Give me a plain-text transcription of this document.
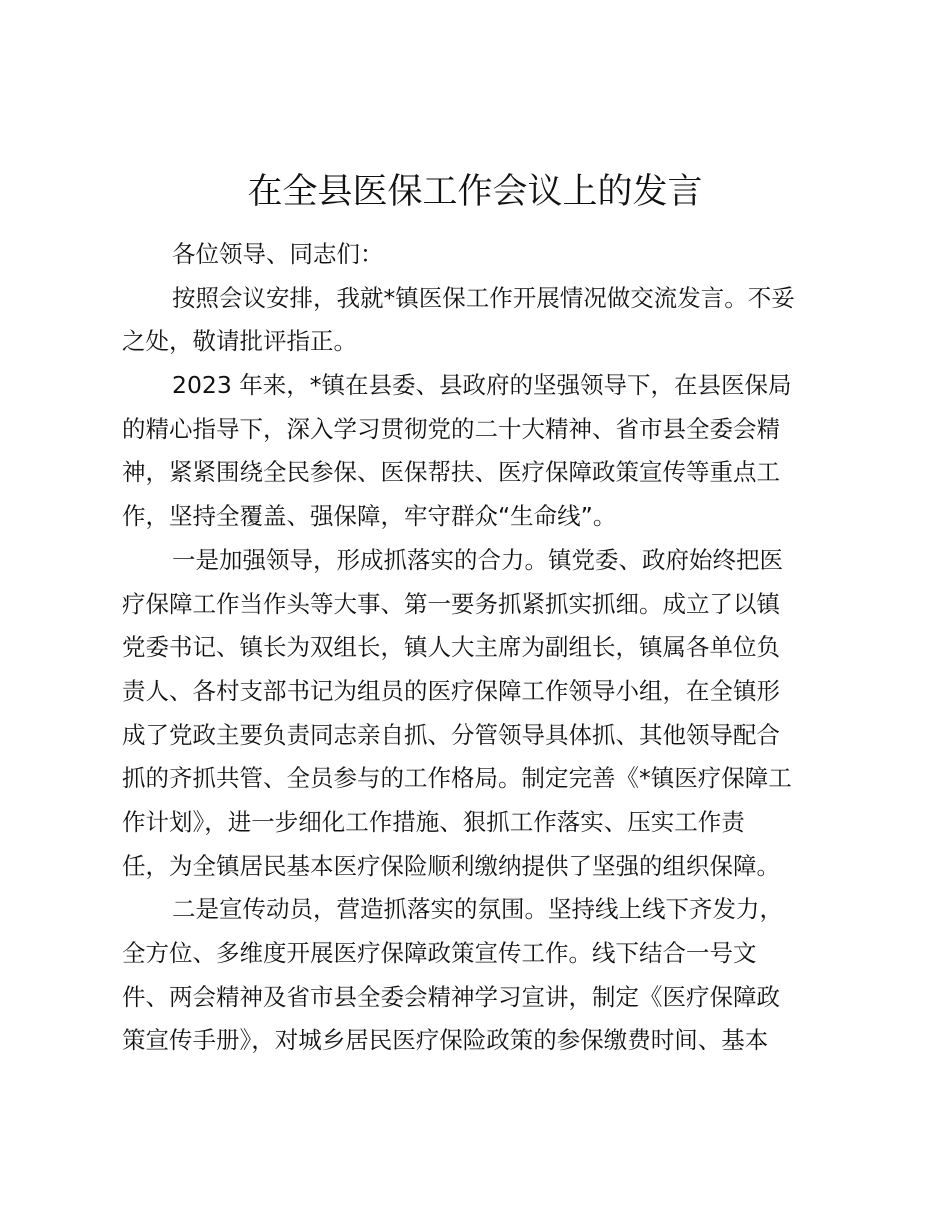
在全县医保工作会议上的发言
各位领导、同志们：
按照会议安排，我就*镇医保工作开展情况做交流发言。不妥
之处，敬请批评指正。
2023 年来，*镇在县委、县政府的坚强领导下，在县医保局
的精心指导下，深入学习贯彻党的二十大精神、省市县全委会精
神，紧紧围绕全民参保、医保帮扶、医疗保障政策宣传等重点工
作，坚持全覆盖、强保障，牢守群众“生命线”。
一是加强领导，形成抓落实的合力。镇党委、政府始终把医
疗保障工作当作头等大事、第一要务抓紧抓实抓细。成立了以镇
党委书记、镇长为双组长，镇人大主席为副组长，镇属各单位负
责人、各村支部书记为组员的医疗保障工作领导小组，在全镇形
成了党政主要负责同志亲自抓、分管领导具体抓、其他领导配合
抓的齐抓共管、全员参与的工作格局。制定完善《*镇医疗保障工
作计划》，进一步细化工作措施、狠抓工作落实、压实工作责
任，为全镇居民基本医疗保险顺利缴纳提供了坚强的组织保障。
二是宣传动员，营造抓落实的氛围。坚持线上线下齐发力，
全方位、多维度开展医疗保障政策宣传工作。线下结合一号文
件、两会精神及省市县全委会精神学习宣讲，制定《医疗保障政
策宣传手册》，对城乡居民医疗保险政策的参保缴费时间、基本
